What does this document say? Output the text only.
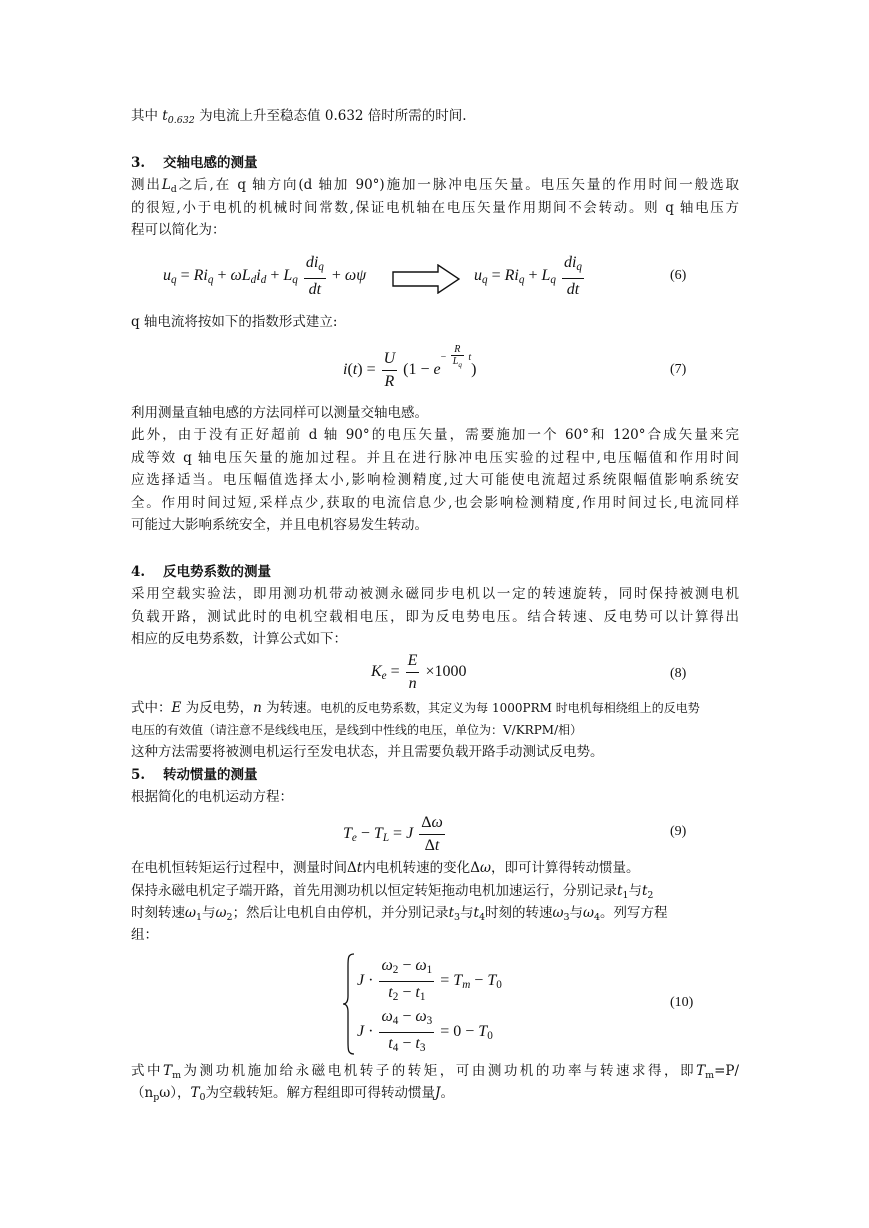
其中 $t_{0.632}$ 为电流上升至稳态值 0.632 倍时所需的时间.
3. 交轴电感的测量
测出$L_d$之后,在 q 轴方向(d 轴加 90°)施加一脉冲电压矢量。电压矢量的作用时间一般选取
的很短,小于电机的机械时间常数,保证电机轴在电压矢量作用期间不会转动。则 q 轴电压方
程可以简化为：
$u_q = Ri_q + \omega L_di_d + L_q \frac{di_q}{dt} + \omega\psi$	$u_q = Ri_q + L_q \frac{di_q}{dt}$	(6)
q 轴电流将按如下的指数形式建立:
$i(t) = \frac{U}{R} (1 - e^{- \frac{R}{L_q} t})$	(7)
利用测量直轴电感的方法同样可以测量交轴电感。
此外，由于没有正好超前 d 轴 90°的电压矢量，需要施加一个 60°和 120°合成矢量来完
成等效 q 轴电压矢量的施加过程。并且在进行脉冲电压实验的过程中,电压幅值和作用时间
应选择适当。电压幅值选择太小,影响检测精度,过大可能使电流超过系统限幅值影响系统安
全。作用时间过短,采样点少,获取的电流信息少,也会影响检测精度,作用时间过长,电流同样
可能过大影响系统安全，并且电机容易发生转动。
4. 反电势系数的测量
采用空载实验法，即用测功机带动被测永磁同步电机以一定的转速旋转，同时保持被测电机
负载开路，测试此时的电机空载相电压，即为反电势电压。结合转速、反电势可以计算得出
相应的反电势系数，计算公式如下：
$K_e = \frac{E}{n} \times 1000$	(8)
式中：E 为反电势，n 为转速。电机的反电势系数，其定义为每 1000PRM 时电机每相绕组上的反电势
电压的有效值（请注意不是线线电压，是线到中性线的电压，单位为：V/KRPM/相）
这种方法需要将被测电机运行至发电状态，并且需要负载开路手动测试反电势。
5. 转动惯量的测量
根据简化的电机运动方程：
$T_e - T_L = J \frac{\Delta\omega}{\Delta t}$	(9)
在电机恒转矩运行过程中，测量时间Δt内电机转速的变化Δω，即可计算得转动惯量。
保持永磁电机定子端开路，首先用测功机以恒定转矩拖动电机加速运行，分别记录$t_1$与$t_2$
时刻转速$\omega_1$与$\omega_2$；然后让电机自由停机，并分别记录$t_3$与$t_4$时刻的转速$\omega_3$与$\omega_4$。列写方程
组：
$J \cdot \frac{\omega_2 - \omega_1}{t_2 - t_1} = T_m - T_0$
$J \cdot \frac{\omega_4 - \omega_3}{t_4 - t_3} = 0 - T_0$
(10)
式中$T_m$为测功机施加给永磁电机转子的转矩，可由测功机的功率与转速求得，即$T_m=P/$
$(n_p\omega)$，$T_0$为空载转矩。解方程组即可得转动惯量J。
